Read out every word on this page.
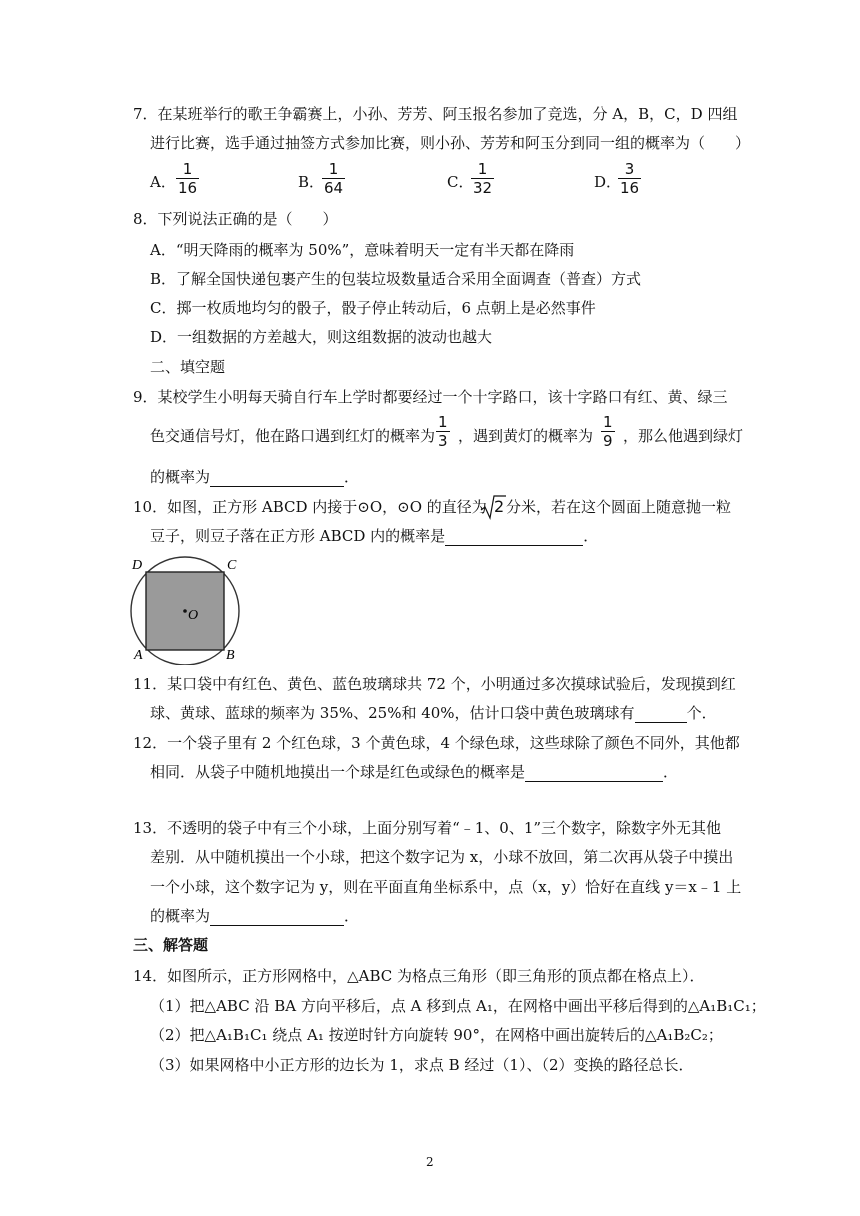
7．在某班举行的歌王争霸赛上，小孙、芳芳、阿玉报名参加了竞选，分 A，B，C，D 四组
进行比赛，选手通过抽签方式参加比赛，则小孙、芳芳和阿玉分到同一组的概率为（　　）
A．
1
16	B．
1
64	C．
1
32	D．
3
16
8．下列说法正确的是（　　）
A．“明天降雨的概率为 50%”，意味着明天一定有半天都在降雨
B．了解全国快递包裹产生的包装垃圾数量适合采用全面调查（普查）方式
C．掷一枚质地均匀的骰子，骰子停止转动后，6 点朝上是必然事件
D．一组数据的方差越大，则这组数据的波动也越大
二、填空题
9．某校学生小明每天骑自行车上学时都要经过一个十字路口，该十字路口有红、黄、绿三
色交通信号灯，他在路口遇到红灯的概率为
1
3 ，遇到黄灯的概率为
1
9 ，那么他遇到绿灯
的概率为	．
10．如图，正方形 ABCD 内接于⊙O，⊙O 的直径为 2 分米，若在这个圆面上随意抛一粒
豆子，则豆子落在正方形 ABCD 内的概率是	．
D	C
A	B
O
11．某口袋中有红色、黄色、蓝色玻璃球共 72 个，小明通过多次摸球试验后，发现摸到红
球、黄球、蓝球的频率为 35%、25%和 40%，估计口袋中黄色玻璃球有	个．
12．一个袋子里有 2 个红色球，3 个黄色球，4 个绿色球，这些球除了颜色不同外，其他都
相同．从袋子中随机地摸出一个球是红色或绿色的概率是	．
13．不透明的袋子中有三个小球，上面分别写着“﹣1、0、1”三个数字，除数字外无其他
差别．从中随机摸出一个小球，把这个数字记为 x，小球不放回，第二次再从袋子中摸出
一个小球，这个数字记为 y，则在平面直角坐标系中，点（x，y）恰好在直线 y＝x﹣1 上
的概率为	．
三、解答题
14．如图所示，正方形网格中，△ABC 为格点三角形（即三角形的顶点都在格点上）．
（1）把△ABC 沿 BA 方向平移后，点 A 移到点 A₁，在网格中画出平移后得到的△A₁B₁C₁；
（2）把△A₁B₁C₁ 绕点 A₁ 按逆时针方向旋转 90°，在网格中画出旋转后的△A₁B₂C₂；
（3）如果网格中小正方形的边长为 1，求点 B 经过（1）、（2）变换的路径总长．
2
